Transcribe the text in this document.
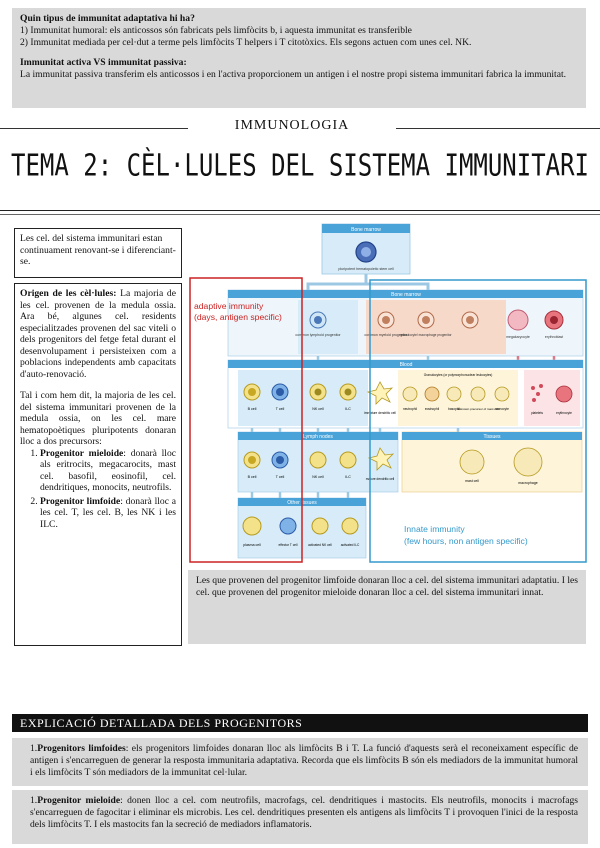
Quin tipus de immunitat adaptativa hi ha?

1) Immunitat humoral: els anticossos són fabricats pels limfòcits b, i aquesta immunitat es transferible

2) Immunitat mediada per cel·dut a terme pels limfòcits T helpers i T citotòxics. Els segons actuen com unes cel. NK.

Immunitat activa VS immunitat passiva:

La immunitat passiva transferim els anticossos i en l'activa proporcionem un antigen i el nostre propi sistema immunitari fabrica la immunitat.

IMMUNOLOGIA
TEMA 2: CÈL·LULES DEL SISTEMA IMMUNITARI

Les cel. del sistema immunitari estan continuament renovant-se i diferenciant-se.

Origen de les cèl·lules: La majoria de les cel. provenen de la medula ossia. Ara bé, algunes cel. residents especialitzades provenen del sac viteli o dels progenitors del fetge fetal durant el desenvolupament i persisteixen com a poblacions independents amb capacitats d'auto-renovació.

Tal i com hem dit, la majoria de les cel. del sistema immunitari provenen de la medula ossia, on les cel. mare hematopoètiques pluripotents donaran lloc a dos precursors:

1. Progenitor mieloide: donarà lloc als eritrocits, megacarocits, mast cel. basofil, eosinofil, cel. dendritiques, monocits, neutrofils.
2. Progenitor limfoide: donarà lloc a les cel. T, les cel. B, les NK i les ILC.
Bone marrow
pluripotent hematopoietic stem cell
Bone marrow
common lymphoid progenitor	common myeloid progenitor
granulocyte/ macrophage progenitor	megakaryocyte	erythroblast
Blood
B cell	T cell	NK cell	ILC
immature dendritic cell
Granulocytes (or polymorphonuclear leukocytes)
neutrophil eosinophil	basophil
unknown precursor of mast cell
monocyte
platelets	erythrocyte
Lymph nodes
B cell	T cell	NK cell	ILC	mature dendritic cell
Tissues
mast cell	macrophage
Other tissues
plasma cell	effector T cell	activated NK cell	activated ILC
adaptive immunity
(days, antigen specific)
Innate immunity
(few hours, non antigen specific)

Les que provenen del progenitor limfoide donaran lloc a cel. del sistema immunitari adaptatiu. I les cel. que provenen del progenitor mieloide donaran lloc a cel. del sistema immunitari innat.

EXPLICACIÓ DETALLADA DELS PROGENITORS

1.Progenitors limfoides: els progenitors limfoides donaran lloc als limfòcits B i T. La funció d'aquests serà el reconeixament específic de antigen i s'encarreguen de generar la resposta immunitaria adaptativa. Recorda que els limfòcits B són els mediadors de la immunitat humoral i els limfòcits T són mediadors de la immunitat cel·lular.

1.Progenitor mieloide: donen lloc a cel. com neutrofils, macrofags, cel. dendritiques i mastocits. Els neutrofils, monocits i macrofags s'encarreguen de fagocitar i eliminar els microbis. Les cel. dendritiques presenten els antigens als limfòcits T i provoquen l'inici de la resposta dels limfòcits T. I els mastocits fan la secreció de mediadors inflamatoris.
